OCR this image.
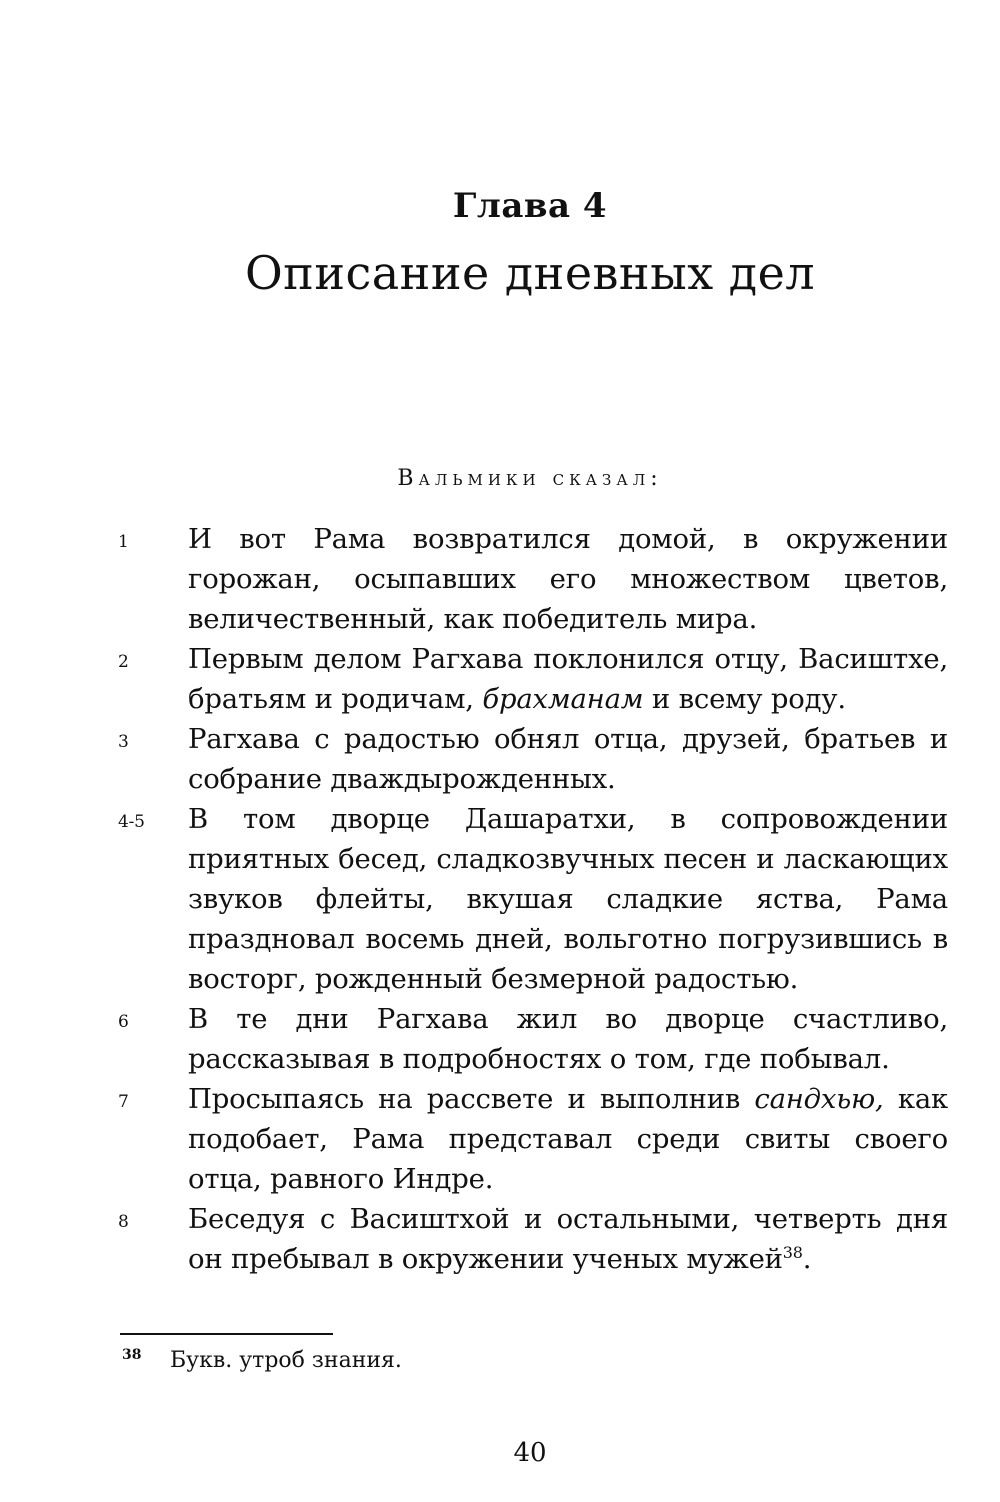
Глава 4
Описание дневных дел
Вальмики сказал:
1 И вот Рама возвратился домой, в окружении горожан, осыпавших его множеством цветов, величественный, как победитель мира.
2 Первым делом Рагхава поклонился отцу, Васиштхе, братьям и родичам, брахманам и всему роду.
3 Рагхава с радостью обнял отца, друзей, братьев и собрание дваждырожденных.
4-5 В том дворце Дашаратхи, в сопровождении приятных бесед, сладкозвучных песен и ласкающих звуков флейты, вкушая сладкие яства, Рама праздновал восемь дней, вольготно погрузившись в восторг, рожденный безмерной радостью.
6 В те дни Рагхава жил во дворце счастливо, рассказывая в подробностях о том, где побывал.
7 Просыпаясь на рассвете и выполнив сандхью, как подобает, Рама представал среди свиты своего отца, равного Индре.
8 Беседуя с Васиштхой и остальными, четверть дня он пребывал в окружении ученых мужей$^{38}$.
38 Букв. утроб знания.
40
